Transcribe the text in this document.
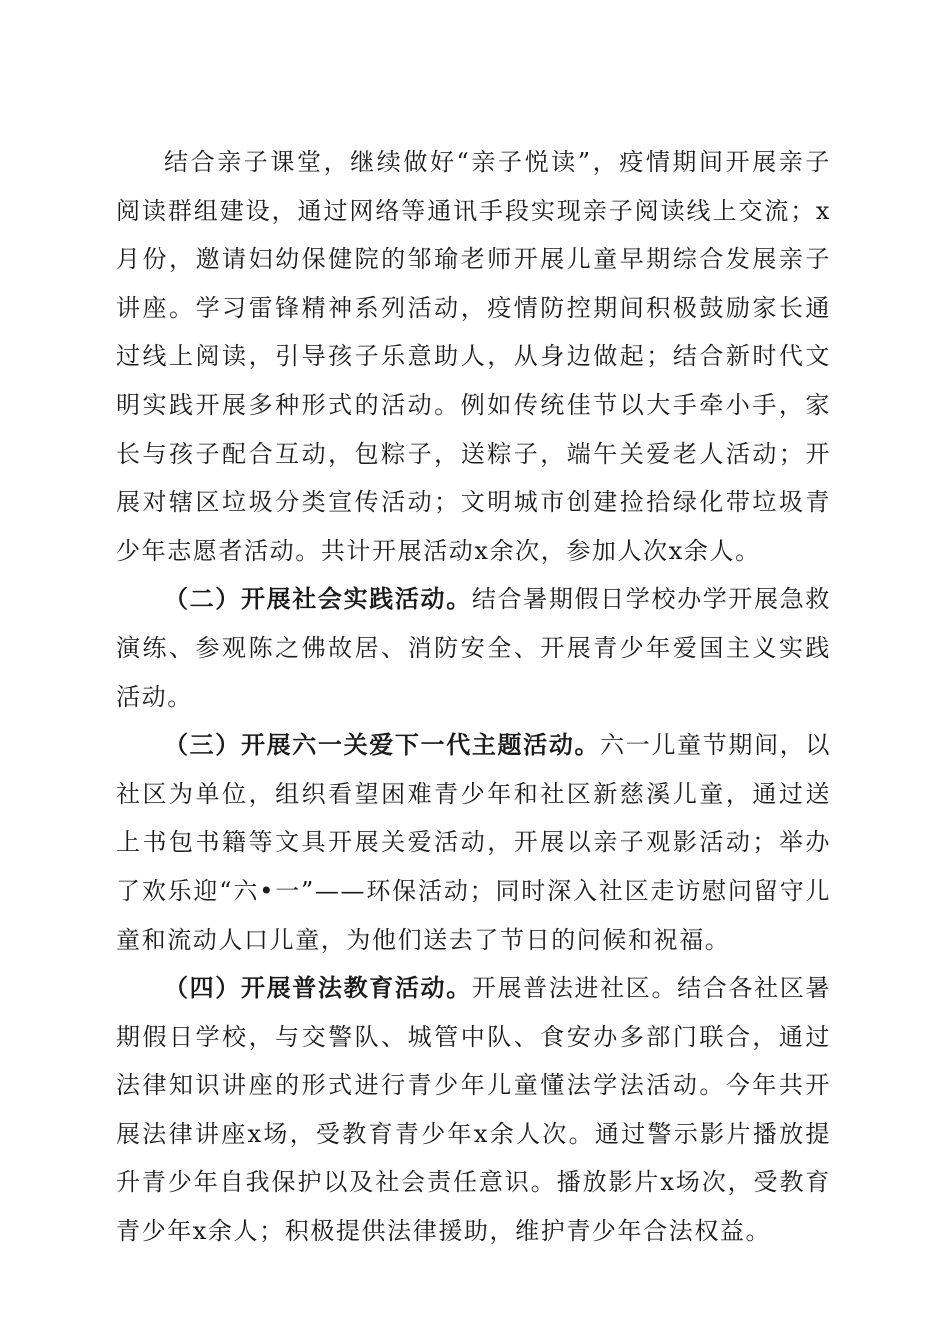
结合亲子课堂，继续做好“亲子悦读”，疫情期间开展亲子阅读群组建设，通过网络等通讯手段实现亲子阅读线上交流；x月份，邀请妇幼保健院的邹瑜老师开展儿童早期综合发展亲子讲座。学习雷锋精神系列活动，疫情防控期间积极鼓励家长通过线上阅读，引导孩子乐意助人，从身边做起；结合新时代文明实践开展多种形式的活动。例如传统佳节以大手牵小手，家长与孩子配合互动，包粽子，送粽子，端午关爱老人活动；开展对辖区垃圾分类宣传活动；文明城市创建捡拾绿化带垃圾青少年志愿者活动。共计开展活动x余次，参加人次x余人。

（二）开展社会实践活动。结合暑期假日学校办学开展急救演练、参观陈之佛故居、消防安全、开展青少年爱国主义实践活动。

（三）开展六一关爱下一代主题活动。六一儿童节期间，以社区为单位，组织看望困难青少年和社区新慈溪儿童，通过送上书包书籍等文具开展关爱活动，开展以亲子观影活动；举办了欢乐迎“六•一”——环保活动；同时深入社区走访慰问留守儿童和流动人口儿童，为他们送去了节日的问候和祝福。

（四）开展普法教育活动。开展普法进社区。结合各社区暑期假日学校，与交警队、城管中队、食安办多部门联合，通过法律知识讲座的形式进行青少年儿童懂法学法活动。今年共开展法律讲座x场，受教育青少年x余人次。通过警示影片播放提升青少年自我保护以及社会责任意识。播放影片x场次，受教育青少年x余人；积极提供法律援助，维护青少年合法权益。
